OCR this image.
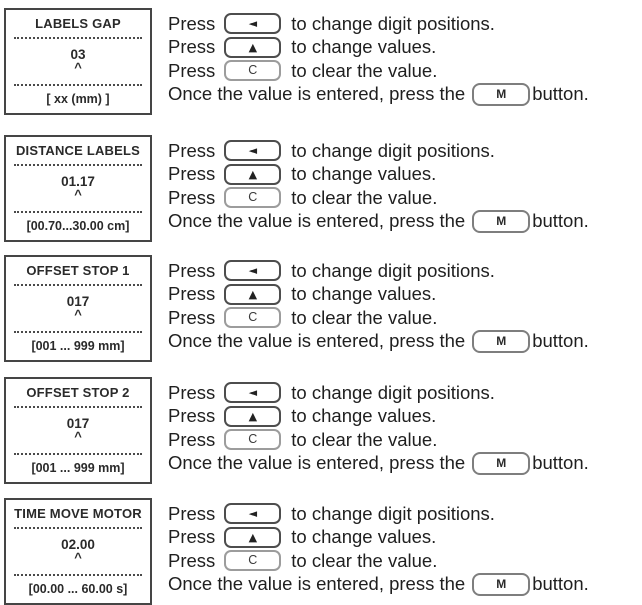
LABELS GAP
03
^
[ xx (mm) ]
Press	◄ to change digit positions.
Press	▲ to change values.
Press	C to clear the value.
Once the value is entered, press the	M button.
DISTANCE LABELS
01.17
^
[00.70...30.00 cm]
Press	◄ to change digit positions.
Press	▲ to change values.
Press	C to clear the value.
Once the value is entered, press the	M button.
OFFSET STOP 1
017
^
[001 ... 999 mm]
Press	◄ to change digit positions.
Press	▲ to change values.
Press	C to clear the value.
Once the value is entered, press the	M button.
OFFSET STOP 2
017
^
[001 ... 999 mm]
Press	◄ to change digit positions.
Press	▲ to change values.
Press	C to clear the value.
Once the value is entered, press the	M button.
TIME MOVE MOTOR
02.00
^
[00.00 ... 60.00 s]
Press	◄ to change digit positions.
Press	▲ to change values.
Press	C to clear the value.
Once the value is entered, press the	M button.
